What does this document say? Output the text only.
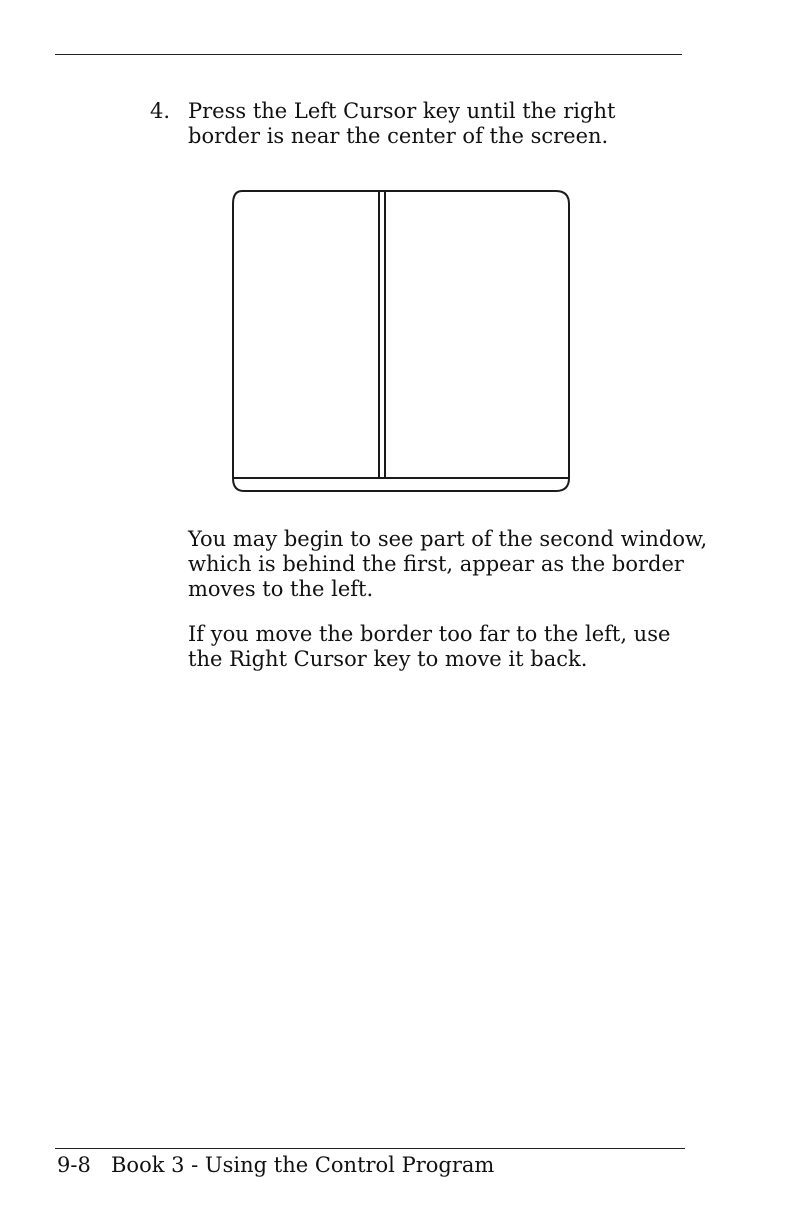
4. Press the Left Cursor key until the right border is near the center of the screen.

You may begin to see part of the second window, which is behind the first, appear as the border moves to the left.

If you move the border too far to the left, use the Right Cursor key to move it back.

9-8 Book 3 - Using the Control Program
